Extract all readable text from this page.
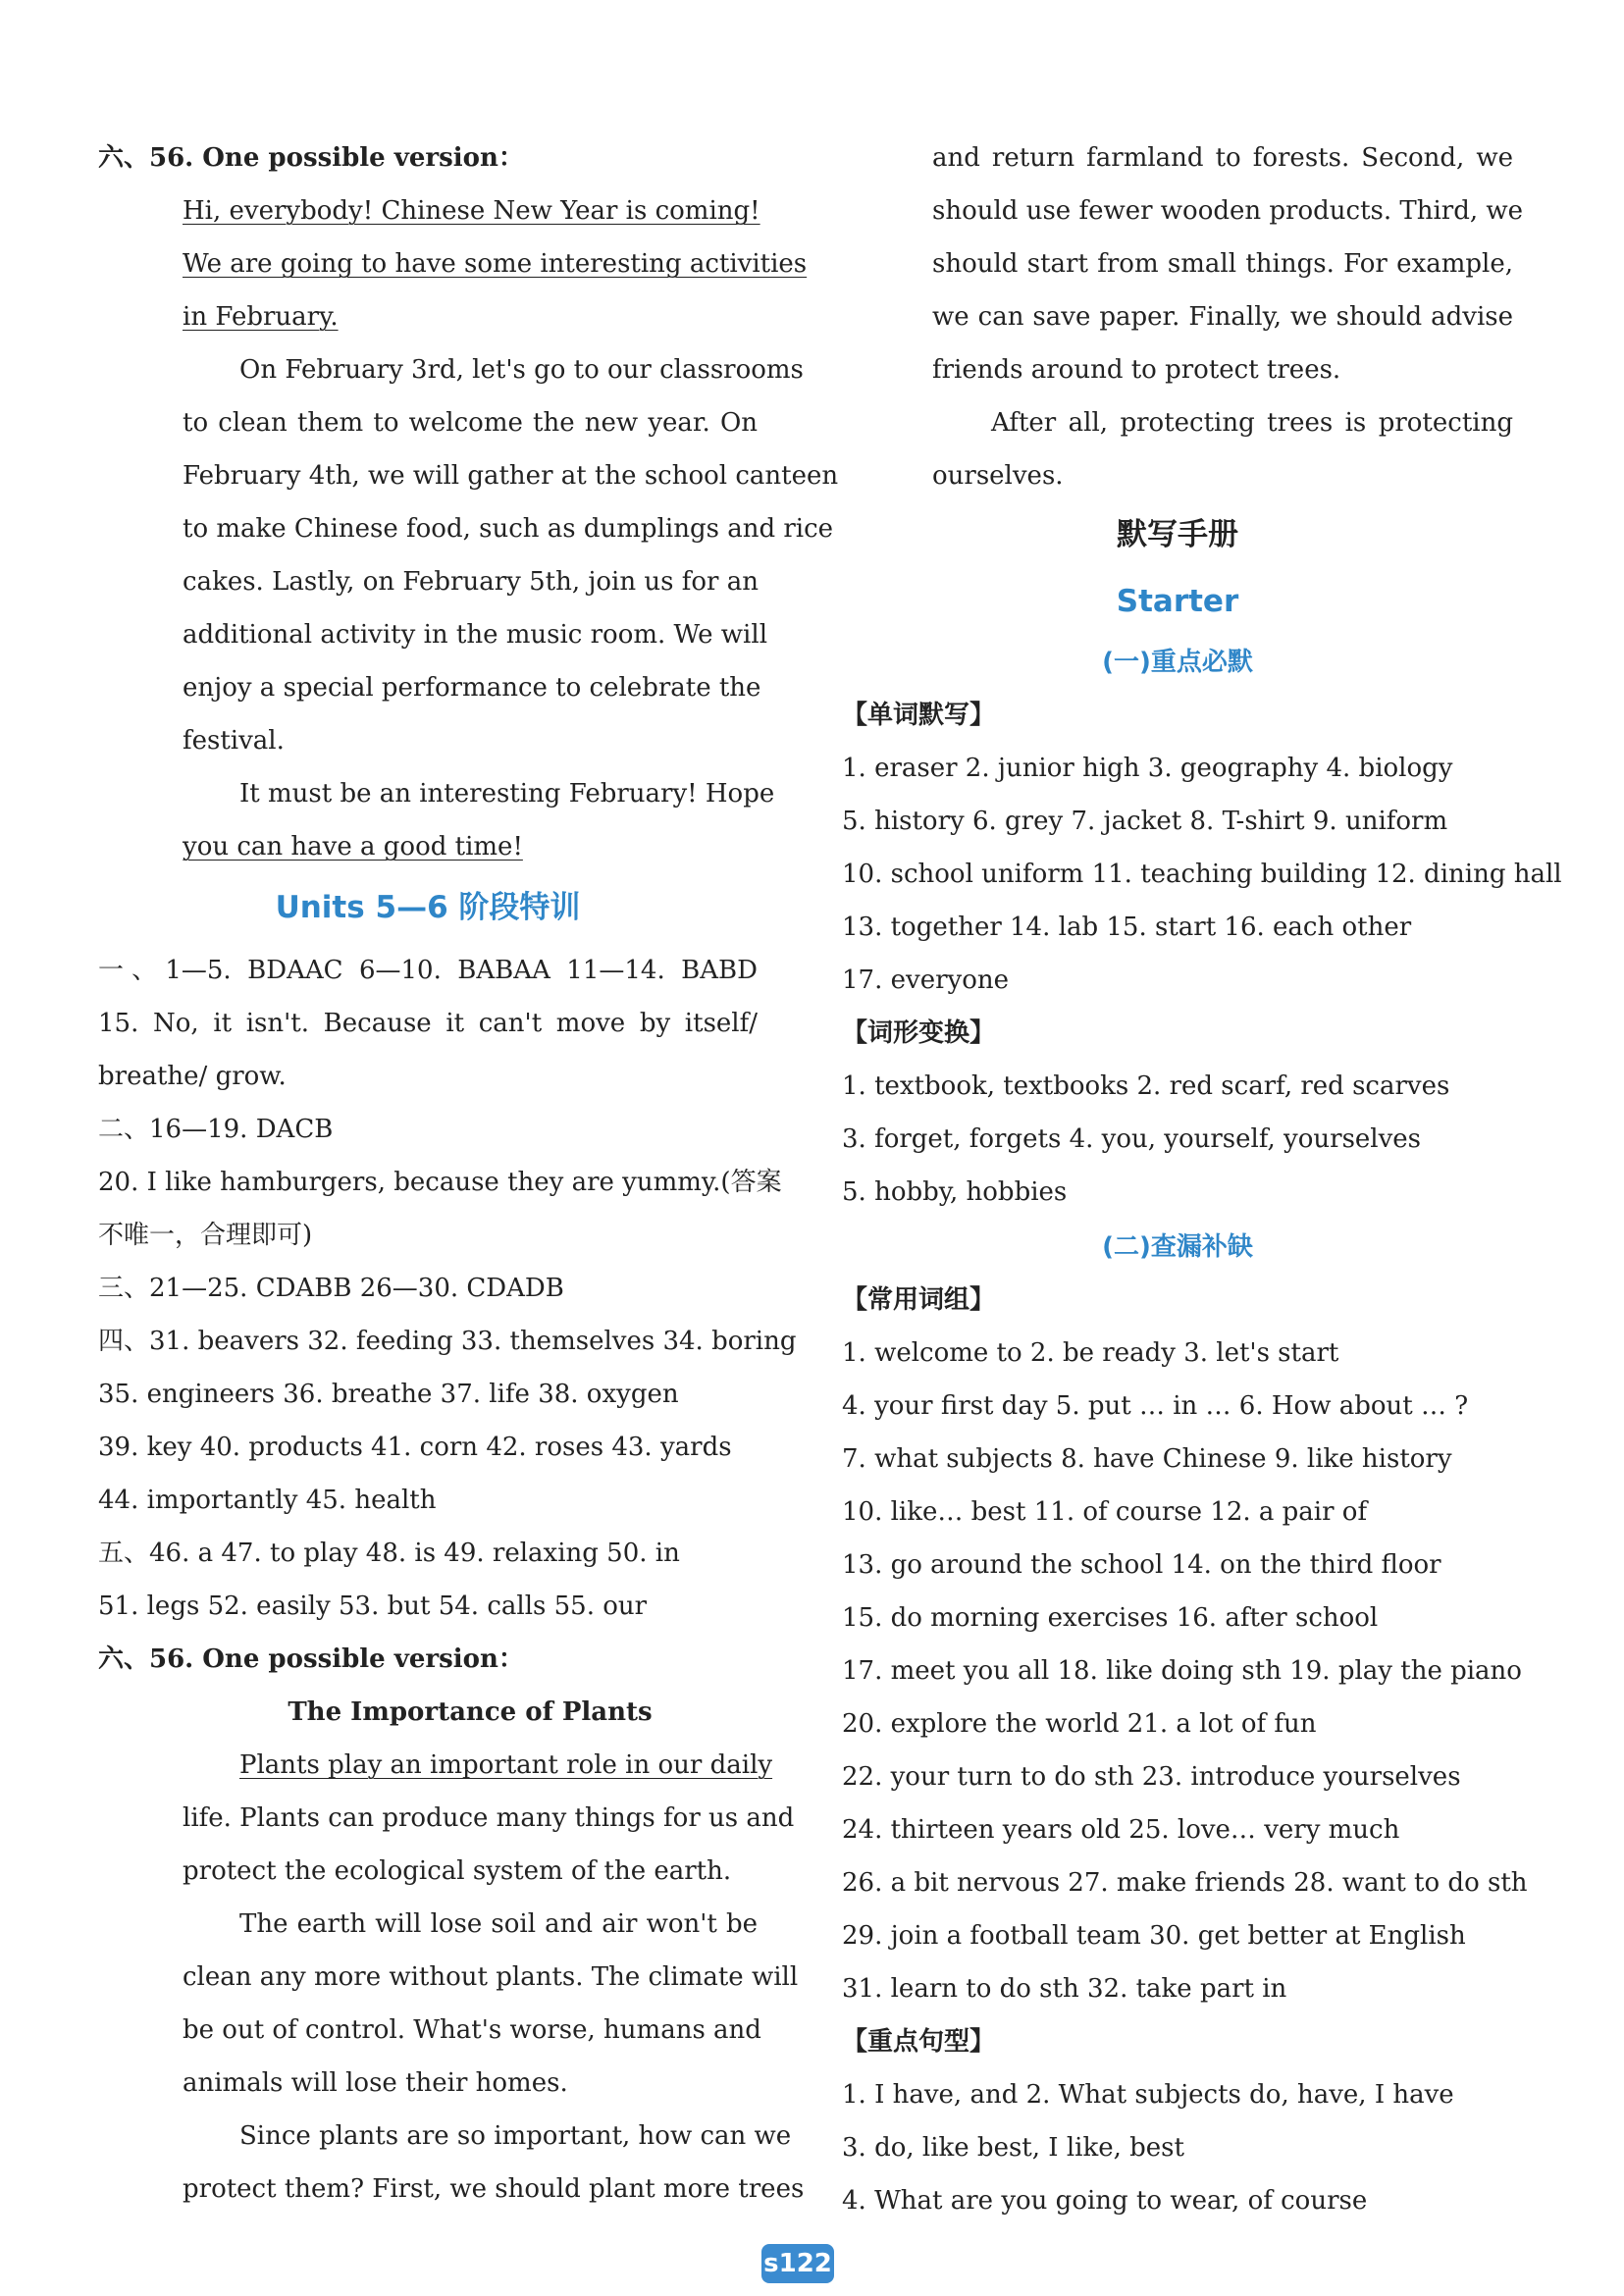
六、56. One possible version：
Hi, everybody! Chinese New Year is coming!
We are going to have some interesting activities
in February.
On February 3rd, let's go to our classrooms
to clean them to welcome the new year. On
February 4th, we will gather at the school canteen
to make Chinese food, such as dumplings and rice
cakes. Lastly, on February 5th, join us for an
additional activity in the music room. We will
enjoy a special performance to celebrate the
festival.
It must be an interesting February! Hope
you can have a good time!
Units 5—6 阶段特训
一、1—5. BDAAC 6—10. BABAA 11—14. BABD
15. No, it isn't. Because it can't move by itself/
breathe/ grow.
二、16—19. DACB
20. I like hamburgers, because they are yummy.(答案
不唯一，合理即可)
三、21—25. CDABB 26—30. CDADB
四、31. beavers 32. feeding 33. themselves 34. boring
35. engineers 36. breathe 37. life 38. oxygen
39. key 40. products 41. corn 42. roses 43. yards
44. importantly 45. health
五、46. a 47. to play 48. is 49. relaxing 50. in
51. legs 52. easily 53. but 54. calls 55. our
六、56. One possible version：
The Importance of Plants
Plants play an important role in our daily
life. Plants can produce many things for us and
protect the ecological system of the earth.
The earth will lose soil and air won't be
clean any more without plants. The climate will
be out of control. What's worse, humans and
animals will lose their homes.
Since plants are so important, how can we
protect them? First, we should plant more trees
and return farmland to forests. Second, we
should use fewer wooden products. Third, we
should start from small things. For example,
we can save paper. Finally, we should advise
friends around to protect trees.
After all, protecting trees is protecting
ourselves.
默写手册
Starter
(一)重点必默
【单词默写】
1. eraser 2. junior high 3. geography 4. biology
5. history 6. grey 7. jacket 8. T-shirt 9. uniform
10. school uniform 11. teaching building 12. dining hall
13. together 14. lab 15. start 16. each other
17. everyone
【词形变换】
1. textbook, textbooks 2. red scarf, red scarves
3. forget, forgets 4. you, yourself, yourselves
5. hobby, hobbies
(二)查漏补缺
【常用词组】
1. welcome to 2. be ready 3. let's start
4. your first day 5. put … in … 6. How about … ?
7. what subjects 8. have Chinese 9. like history
10. like… best 11. of course 12. a pair of
13. go around the school 14. on the third floor
15. do morning exercises 16. after school
17. meet you all 18. like doing sth 19. play the piano
20. explore the world 21. a lot of fun
22. your turn to do sth 23. introduce yourselves
24. thirteen years old 25. love… very much
26. a bit nervous 27. make friends 28. want to do sth
29. join a football team 30. get better at English
31. learn to do sth 32. take part in
【重点句型】
1. I have, and 2. What subjects do, have, I have
3. do, like best, I like, best
4. What are you going to wear, of course
s122
